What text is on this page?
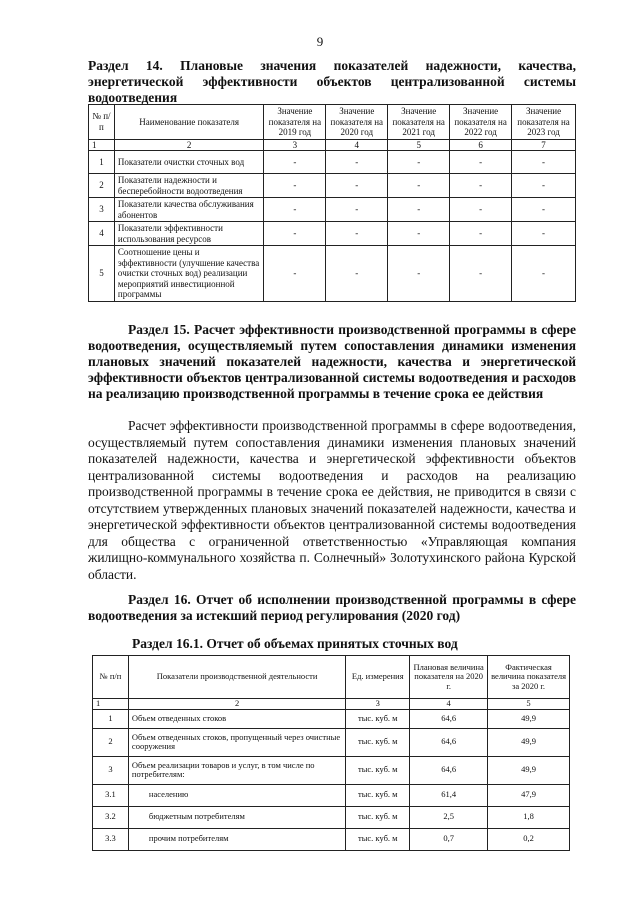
9
Раздел 14. Плановые значения показателей надежности, качества, энергетической эффективности объектов централизованной системы водоотведения
№ п/п	Наименование показателя	Значение показателя на 2019 год	Значение показателя на 2020 год	Значение показателя на 2021 год	Значение показателя на 2022 год	Значение показателя на 2023 год
1	2	3	4	5	6	7
1	Показатели очистки сточных вод	-	-	-	-	-
2	Показатели надежности и бесперебойности водоотведения	-	-	-	-	-
3	Показатели качества обслуживания абонентов	-	-	-	-	-
4	Показатели эффективности использования ресурсов	-	-	-	-	-
5	Соотношение цены и эффективности (улучшение качества очистки сточных вод) реализации мероприятий инвестиционной программы	-	-	-	-	-
Раздел 15. Расчет эффективности производственной программы в сфере водоотведения, осуществляемый путем сопоставления динамики изменения плановых значений показателей надежности, качества и энергетической эффективности объектов централизованной системы водоотведения и расходов на реализацию производственной программы в течение срока ее действия
Расчет эффективности производственной программы в сфере водоотведения, осуществляемый путем сопоставления динамики изменения плановых значений показателей надежности, качества и энергетической эффективности объектов централизованной системы водоотведения и расходов на реализацию производственной программы в течение срока ее действия, не приводится в связи с отсутствием утвержденных плановых значений показателей надежности, качества и энергетической эффективности объектов централизованной системы водоотведения для общества с ограниченной ответственностью «Управляющая компания жилищно-коммунального хозяйства п. Солнечный» Золотухинского района Курской области.
Раздел 16. Отчет об исполнении производственной программы в сфере водоотведения за истекший период регулирования (2020 год)
Раздел 16.1. Отчет об объемах принятых сточных вод
№ п/п	Показатели производственной деятельности	Ед. измерения	Плановая величина показателя на 2020 г.	Фактическая величина показателя за 2020 г.
1	2	3	4	5
1	Объем отведенных стоков	тыс. куб. м	64,6	49,9
2	Объем отведенных стоков, пропущенный через очистные сооружения	тыс. куб. м	64,6	49,9
3	Объем реализации товаров и услуг, в том числе по потребителям:	тыс. куб. м	64,6	49,9
3.1	населению	тыс. куб. м	61,4	47,9
3.2	бюджетным потребителям	тыс. куб. м	2,5	1,8
3.3	прочим потребителям	тыс. куб. м	0,7	0,2
